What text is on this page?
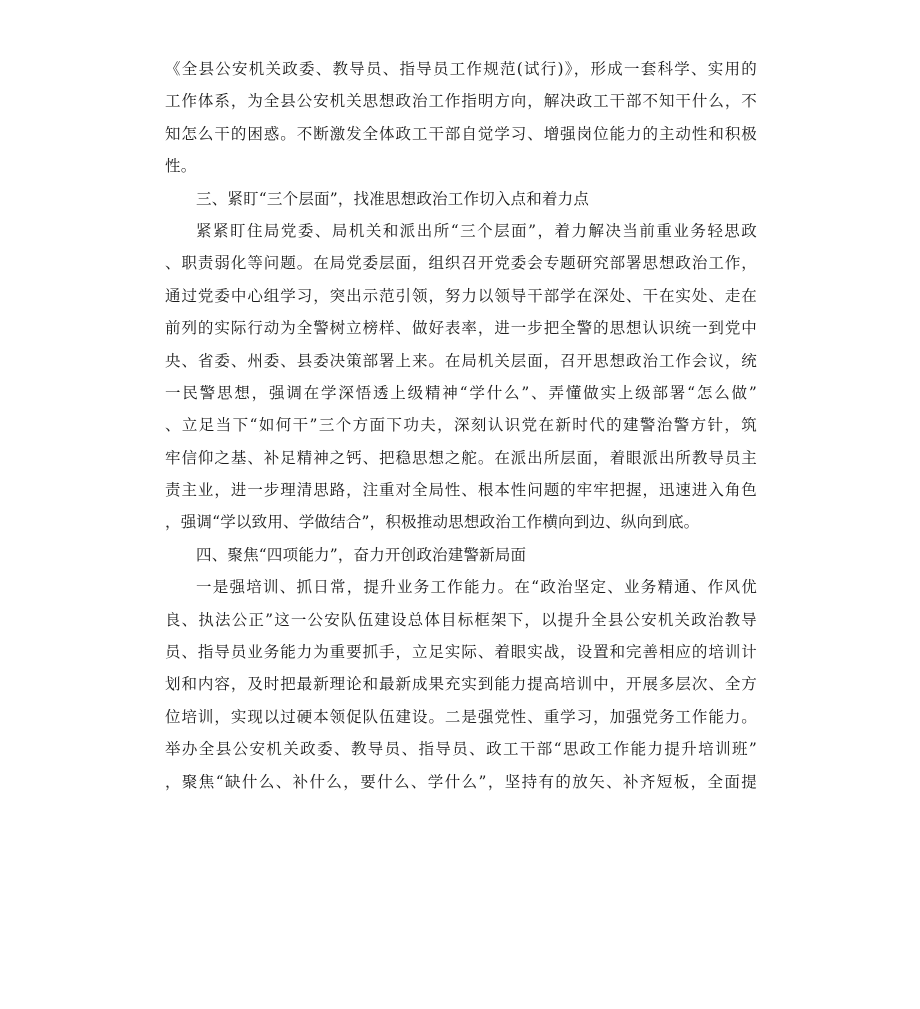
《全县公安机关政委、教导员、指导员工作规范(试行)》，形成一套科学、实用的
工作体系，为全县公安机关思想政治工作指明方向，解决政工干部不知干什么，不
知怎么干的困惑。不断激发全体政工干部自觉学习、增强岗位能力的主动性和积极
性。
三、紧盯“三个层面”，找准思想政治工作切入点和着力点
紧紧盯住局党委、局机关和派出所“三个层面”，着力解决当前重业务轻思政
、职责弱化等问题。在局党委层面，组织召开党委会专题研究部署思想政治工作，
通过党委中心组学习，突出示范引领，努力以领导干部学在深处、干在实处、走在
前列的实际行动为全警树立榜样、做好表率，进一步把全警的思想认识统一到党中
央、省委、州委、县委决策部署上来。在局机关层面，召开思想政治工作会议，统
一民警思想，强调在学深悟透上级精神“学什么”、弄懂做实上级部署“怎么做”
、立足当下“如何干”三个方面下功夫，深刻认识党在新时代的建警治警方针，筑
牢信仰之基、补足精神之钙、把稳思想之舵。在派出所层面，着眼派出所教导员主
责主业，进一步理清思路，注重对全局性、根本性问题的牢牢把握，迅速进入角色
，强调“学以致用、学做结合”，积极推动思想政治工作横向到边、纵向到底。
四、聚焦“四项能力”，奋力开创政治建警新局面
一是强培训、抓日常，提升业务工作能力。在“政治坚定、业务精通、作风优
良、执法公正”这一公安队伍建设总体目标框架下，以提升全县公安机关政治教导
员、指导员业务能力为重要抓手，立足实际、着眼实战，设置和完善相应的培训计
划和内容，及时把最新理论和最新成果充实到能力提高培训中，开展多层次、全方
位培训，实现以过硬本领促队伍建设。二是强党性、重学习，加强党务工作能力。
举办全县公安机关政委、教导员、指导员、政工干部“思政工作能力提升培训班”
，聚焦“缺什么、补什么，要什么、学什么”，坚持有的放矢、补齐短板，全面提
